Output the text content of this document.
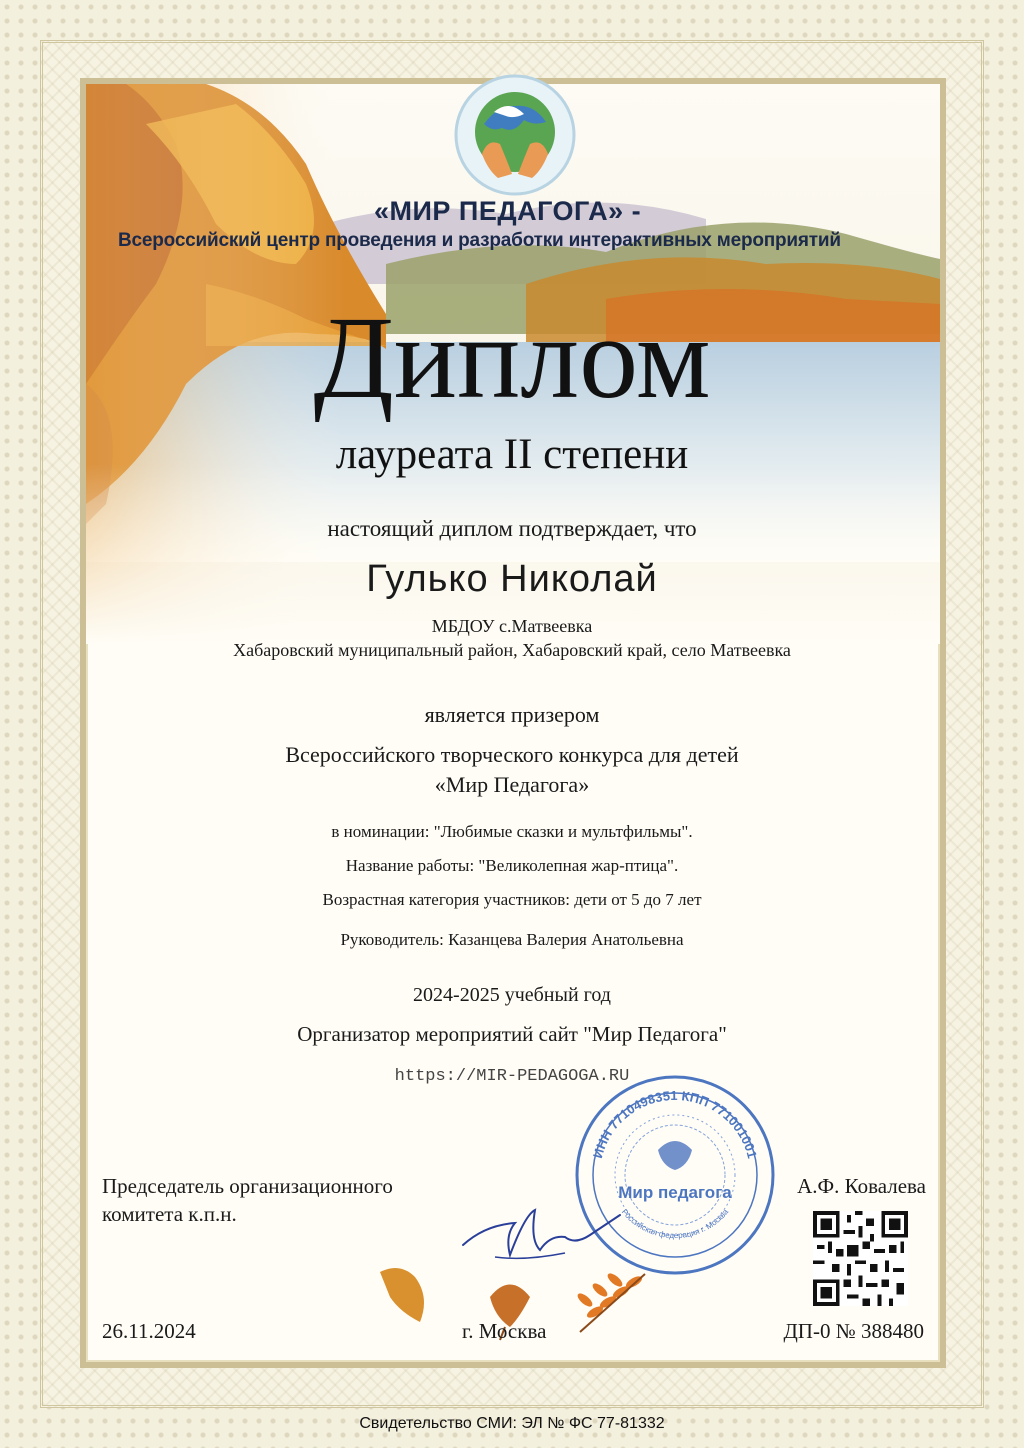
«МИР ПЕДАГОГА» -
Всероссийский центр проведения и разработки интерактивных мероприятий
Диплом
лауреата II степени
настоящий диплом подтверждает, что
Гулько Николай
МБДОУ с.Матвеевка
Хабаровский муниципальный район, Хабаровский край, село Матвеевка
является призером
Всероссийского творческого конкурса для детей
«Мир Педагога»
в номинации: "Любимые сказки и мультфильмы".
Название работы: "Великолепная жар-птица".
Возрастная категория участников: дети от 5 до 7 лет
Руководитель: Казанцева Валерия Анатольевна
2024-2025 учебный год
Организатор мероприятий сайт "Мир Педагога"
https://MIR-PEDAGOGA.RU
ИНН 7710498351 КПП 771001001
Мир педагога
Российская федерация г. Москва
Председатель организационного
комитета к.п.н.
А.Ф. Ковалева
26.11.2024	г. Москва	ДП-0 № 388480
Свидетельство СМИ: ЭЛ № ФС 77-81332
